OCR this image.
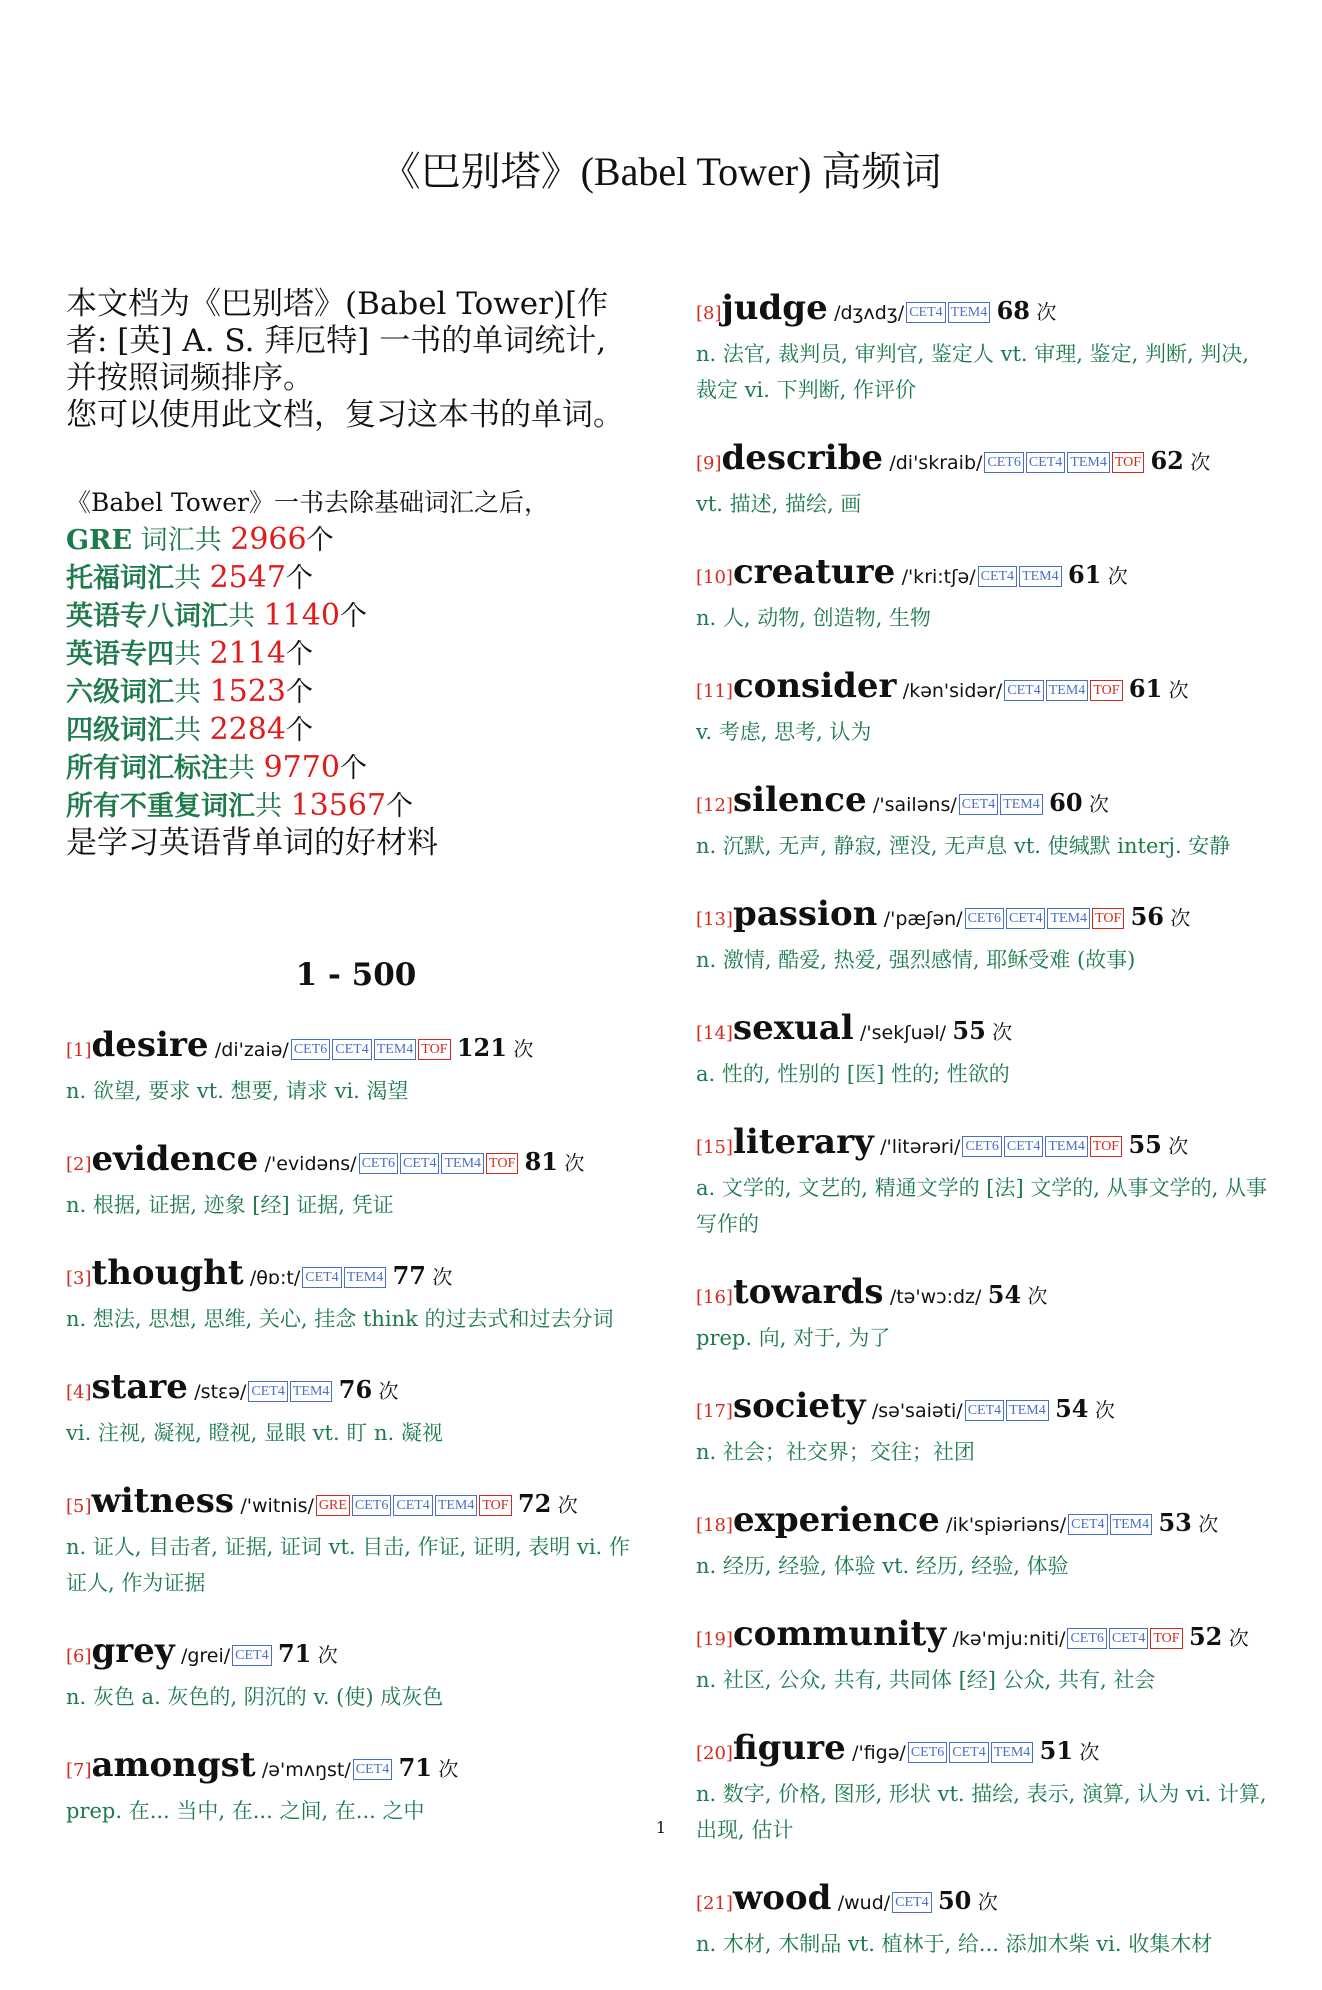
《巴别塔》(Babel Tower) 高频词
本文档为《巴别塔》(Babel Tower)[作者: [英] A. S. 拜厄特] 一书的单词统计, 并按照词频排序。
您可以使用此文档，复习这本书的单词。
《Babel Tower》一书去除基础词汇之后，
GRE 词汇共 2966个
托福词汇共 2547个
英语专八词汇共 1140个
英语专四共 2114个
六级词汇共 1523个
四级词汇共 2284个
所有词汇标注共 9770个
所有不重复词汇共 13567个
是学习英语背单词的好材料
1 - 500
[1]desire /di'zaiə/ CET6 CET4 TEM4 TOF 121 次
n. 欲望, 要求 vt. 想要, 请求 vi. 渴望
[2]evidence /'evidəns/ CET6 CET4 TEM4 TOF 81 次
n. 根据, 证据, 迹象 [经] 证据, 凭证
[3]thought /θɒ:t/ CET4 TEM4 77 次
n. 想法, 思想, 思维, 关心, 挂念 think 的过去式和过去分词
[4]stare /stεə/ CET4 TEM4 76 次
vi. 注视, 凝视, 瞪视, 显眼 vt. 盯 n. 凝视
[5]witness /'witnis/ GRE CET6 CET4 TEM4 TOF 72 次
n. 证人, 目击者, 证据, 证词 vt. 目击, 作证, 证明, 表明 vi. 作证人, 作为证据
[6]grey /grei/ CET4 71 次
n. 灰色 a. 灰色的, 阴沉的 v. (使) 成灰色
[7]amongst /ə'mʌŋst/ CET4 71 次
prep. 在... 当中, 在... 之间, 在... 之中
[8]judge /dʒʌdʒ/ CET4 TEM4 68 次
n. 法官, 裁判员, 审判官, 鉴定人 vt. 审理, 鉴定, 判断, 判决, 裁定 vi. 下判断, 作评价
[9]describe /di'skraib/ CET6 CET4 TEM4 TOF 62 次
vt. 描述, 描绘, 画
[10]creature /'kri:tʃə/ CET4 TEM4 61 次
n. 人, 动物, 创造物, 生物
[11]consider /kən'sidər/ CET4 TEM4 TOF 61 次
v. 考虑, 思考, 认为
[12]silence /'sailəns/ CET4 TEM4 60 次
n. 沉默, 无声, 静寂, 湮没, 无声息 vt. 使缄默 interj. 安静
[13]passion /'pæʃən/ CET6 CET4 TEM4 TOF 56 次
n. 激情, 酷爱, 热爱, 强烈感情, 耶稣受难 (故事)
[14]sexual /'sekʃuəl/ 55 次
a. 性的, 性别的 [医] 性的; 性欲的
[15]literary /'litərəri/ CET6 CET4 TEM4 TOF 55 次
a. 文学的, 文艺的, 精通文学的 [法] 文学的, 从事文学的, 从事写作的
[16]towards /tə'wɔ:dz/ 54 次
prep. 向, 对于, 为了
[17]society /sə'saiəti/ CET4 TEM4 54 次
n. 社会；社交界；交往；社团
[18]experience /ik'spiəriəns/ CET4 TEM4 53 次
n. 经历, 经验, 体验 vt. 经历, 经验, 体验
[19]community /kə'mju:niti/ CET6 CET4 TOF 52 次
n. 社区, 公众, 共有, 共同体 [经] 公众, 共有, 社会
[20]figure /'figə/ CET6 CET4 TEM4 51 次
n. 数字, 价格, 图形, 形状 vt. 描绘, 表示, 演算, 认为 vi. 计算, 出现, 估计
[21]wood /wud/ CET4 50 次
n. 木材, 木制品 vt. 植林于, 给... 添加木柴 vi. 收集木材
1
